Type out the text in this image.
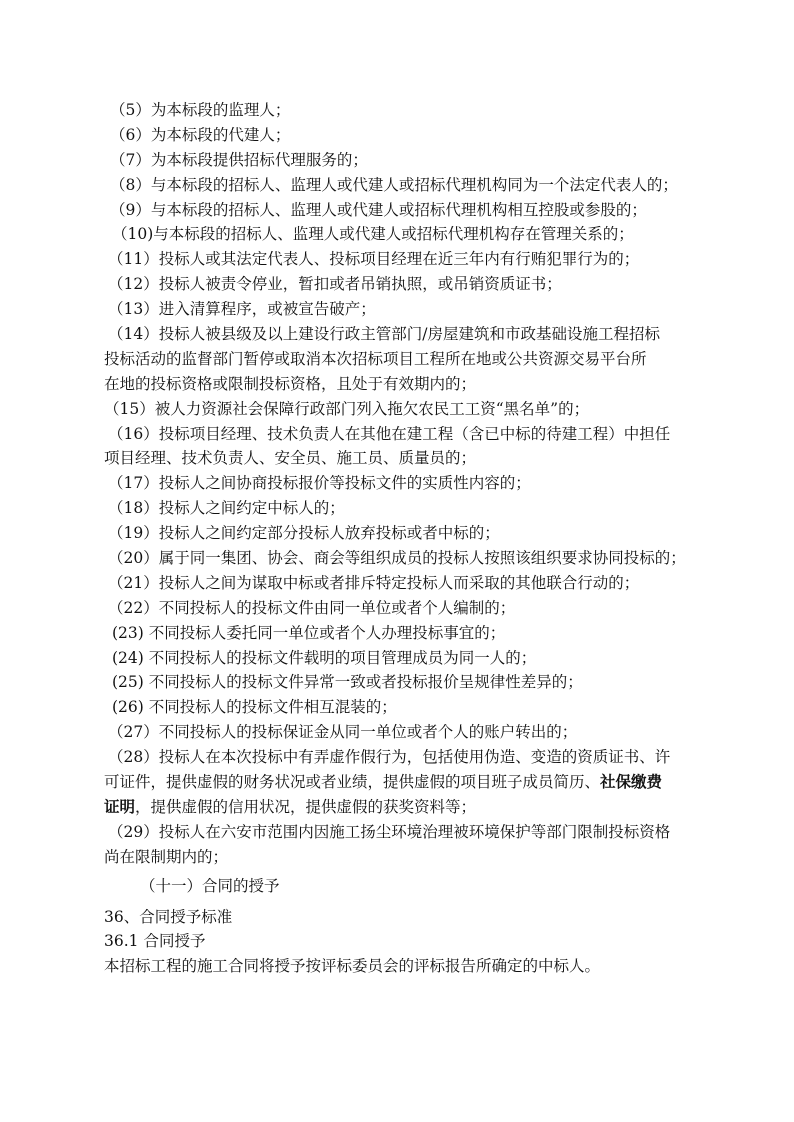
（5）为本标段的监理人；
（6）为本标段的代建人；
（7）为本标段提供招标代理服务的；
（8）与本标段的招标人、监理人或代建人或招标代理机构同为一个法定代表人的；
（9）与本标段的招标人、监理人或代建人或招标代理机构相互控股或参股的；
（10)与本标段的招标人、监理人或代建人或招标代理机构存在管理关系的；
（11）投标人或其法定代表人、投标项目经理在近三年内有行贿犯罪行为的；
（12）投标人被责令停业，暂扣或者吊销执照，或吊销资质证书；
（13）进入清算程序，或被宣告破产；
（14）投标人被县级及以上建设行政主管部门/房屋建筑和市政基础设施工程招标
投标活动的监督部门暂停或取消本次招标项目工程所在地或公共资源交易平台所
在地的投标资格或限制投标资格，且处于有效期内的；
（15）被人力资源社会保障行政部门列入拖欠农民工工资“黑名单”的；
（16）投标项目经理、技术负责人在其他在建工程（含已中标的待建工程）中担任
项目经理、技术负责人、安全员、施工员、质量员的；
（17）投标人之间协商投标报价等投标文件的实质性内容的；
（18）投标人之间约定中标人的；
（19）投标人之间约定部分投标人放弃投标或者中标的；
（20）属于同一集团、协会、商会等组织成员的投标人按照该组织要求协同投标的；
（21）投标人之间为谋取中标或者排斥特定投标人而采取的其他联合行动的；
（22）不同投标人的投标文件由同一单位或者个人编制的；
(23) 不同投标人委托同一单位或者个人办理投标事宜的；
(24) 不同投标人的投标文件载明的项目管理成员为同一人的；
(25) 不同投标人的投标文件异常一致或者投标报价呈规律性差异的；
(26) 不同投标人的投标文件相互混装的；
（27）不同投标人的投标保证金从同一单位或者个人的账户转出的；
（28）投标人在本次投标中有弄虚作假行为，包括使用伪造、变造的资质证书、许
可证件，提供虚假的财务状况或者业绩，提供虚假的项目班子成员简历、社保缴费
证明，提供虚假的信用状况，提供虚假的获奖资料等；
（29）投标人在六安市范围内因施工扬尘环境治理被环境保护等部门限制投标资格
尚在限制期内的；
（十一）合同的授予
36、合同授予标准
36.1 合同授予
本招标工程的施工合同将授予按评标委员会的评标报告所确定的中标人。
